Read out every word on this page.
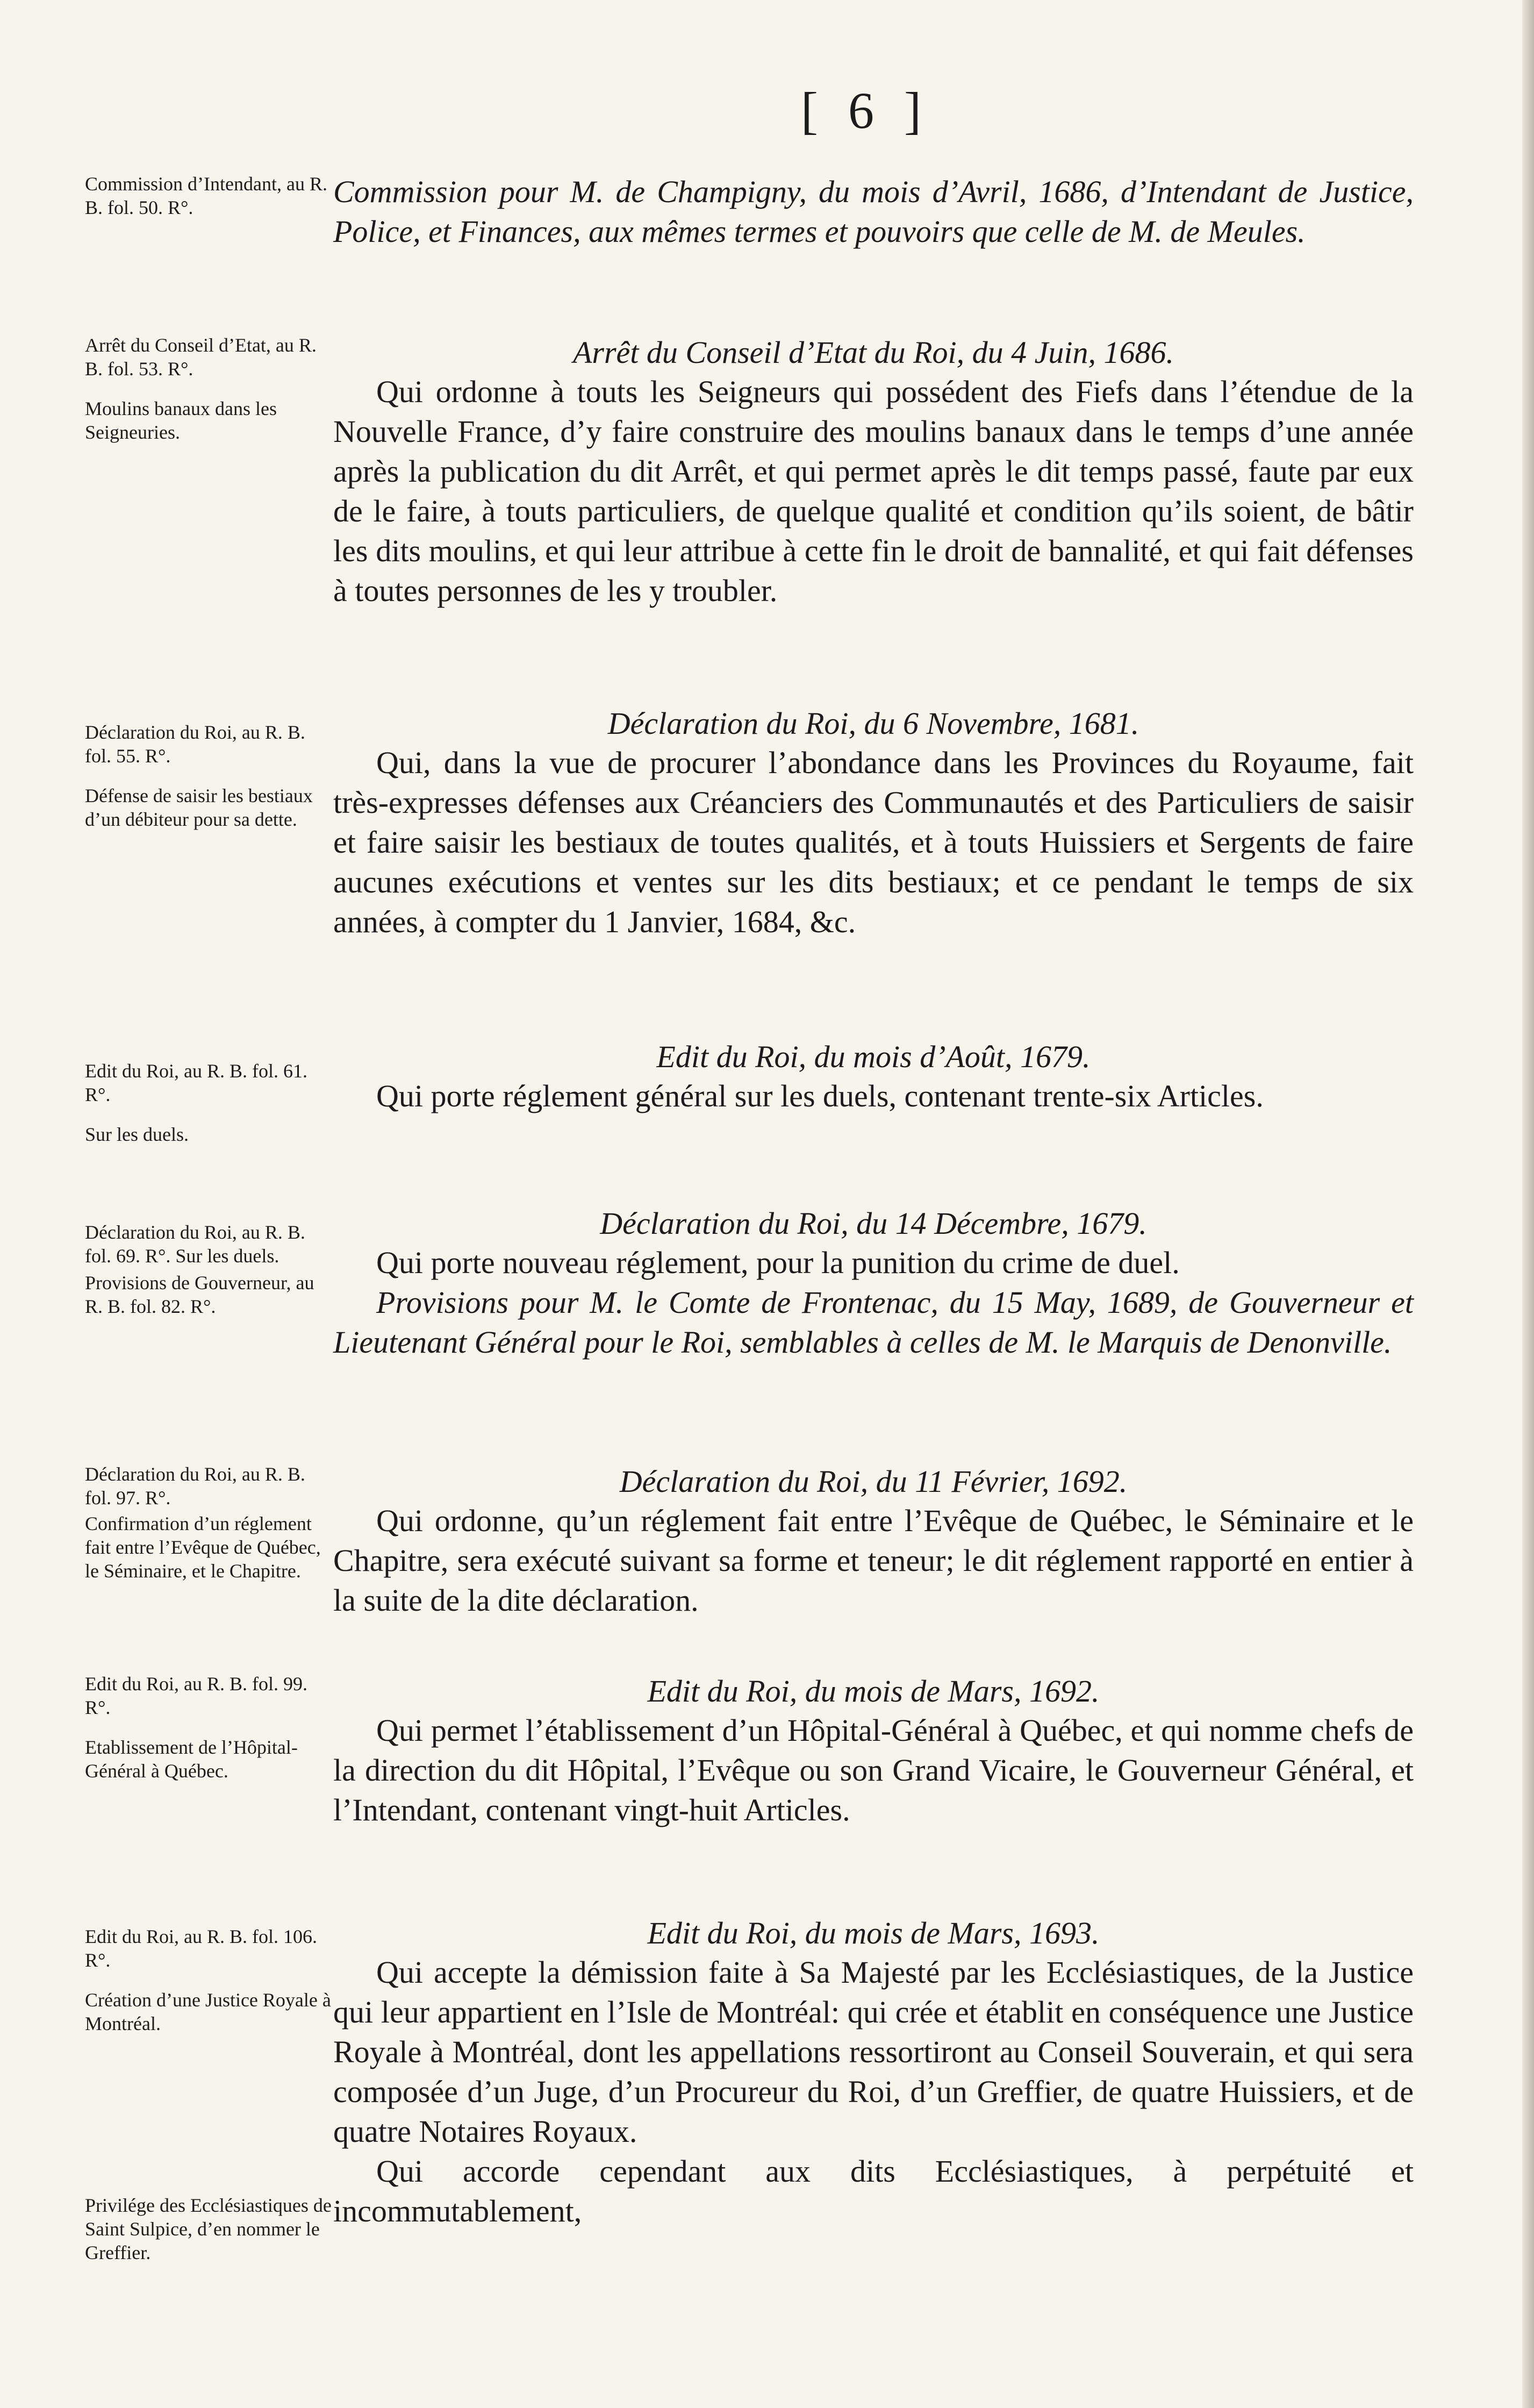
[ 6 ]

Commission d’Intendant, au R. B. fol. 50. R°.

Arrêt du Conseil d’Etat, au R. B. fol. 53. R°.

Moulins banaux dans les Seigneuries.

Déclaration du Roi, au R. B. fol. 55. R°.

Défense de saisir les bestiaux d’un débiteur pour sa dette.

Edit du Roi, au R. B. fol. 61. R°.

Sur les duels.

Déclaration du Roi, au R. B. fol. 69. R°. Sur les duels.

Provisions de Gouverneur, au R. B. fol. 82. R°.

Déclaration du Roi, au R. B. fol. 97. R°.

Confirmation d’un réglement fait entre l’Evêque de Québec, le Séminaire, et le Chapitre.

Edit du Roi, au R. B. fol. 99. R°.

Etablissement de l’Hôpital-Général à Québec.

Edit du Roi, au R. B. fol. 106. R°.

Création d’une Justice Royale à Montréal.

Privilége des Ecclésiastiques de Saint Sulpice, d’en nommer le Greffier.

Commission pour M. de Champigny, du mois d’Avril, 1686, d’Intendant de Justice, Police, et Finances, aux mêmes termes et pouvoirs que celle de M. de Meules.

Arrêt du Conseil d’Etat du Roi, du 4 Juin, 1686.

Qui ordonne à touts les Seigneurs qui possédent des Fiefs dans l’étendue de la Nouvelle France, d’y faire construire des moulins banaux dans le temps d’une année après la publication du dit Arrêt, et qui permet après le dit temps passé, faute par eux de le faire, à touts particuliers, de quelque qualité et condition qu’ils soient, de bâtir les dits moulins, et qui leur attribue à cette fin le droit de bannalité, et qui fait défenses à toutes personnes de les y troubler.

Déclaration du Roi, du 6 Novembre, 1681.

Qui, dans la vue de procurer l’abondance dans les Provinces du Royaume, fait très-expresses défenses aux Créanciers des Communautés et des Particuliers de saisir et faire saisir les bestiaux de toutes qualités, et à touts Huissiers et Sergents de faire aucunes exécutions et ventes sur les dits bestiaux; et ce pendant le temps de six années, à compter du 1 Janvier, 1684, &c.

Edit du Roi, du mois d’Août, 1679.

Qui porte réglement général sur les duels, contenant trente-six Articles.

Déclaration du Roi, du 14 Décembre, 1679.

Qui porte nouveau réglement, pour la punition du crime de duel.

Provisions pour M. le Comte de Frontenac, du 15 May, 1689, de Gouverneur et Lieutenant Général pour le Roi, semblables à celles de M. le Marquis de Denonville.

Déclaration du Roi, du 11 Février, 1692.

Qui ordonne, qu’un réglement fait entre l’Evêque de Québec, le Séminaire et le Chapitre, sera exécuté suivant sa forme et teneur; le dit réglement rapporté en entier à la suite de la dite déclaration.

Edit du Roi, du mois de Mars, 1692.

Qui permet l’établissement d’un Hôpital-Général à Québec, et qui nomme chefs de la direction du dit Hôpital, l’Evêque ou son Grand Vicaire, le Gouverneur Général, et l’Intendant, contenant vingt-huit Articles.

Edit du Roi, du mois de Mars, 1693.

Qui accepte la démission faite à Sa Majesté par les Ecclésiastiques, de la Justice qui leur appartient en l’Isle de Montréal: qui crée et établit en conséquence une Justice Royale à Montréal, dont les appellations ressortiront au Conseil Souverain, et qui sera composée d’un Juge, d’un Procureur du Roi, d’un Greffier, de quatre Huissiers, et de quatre Notaires Royaux.

Qui accorde cependant aux dits Ecclésiastiques, à perpétuité et incommutablement,
